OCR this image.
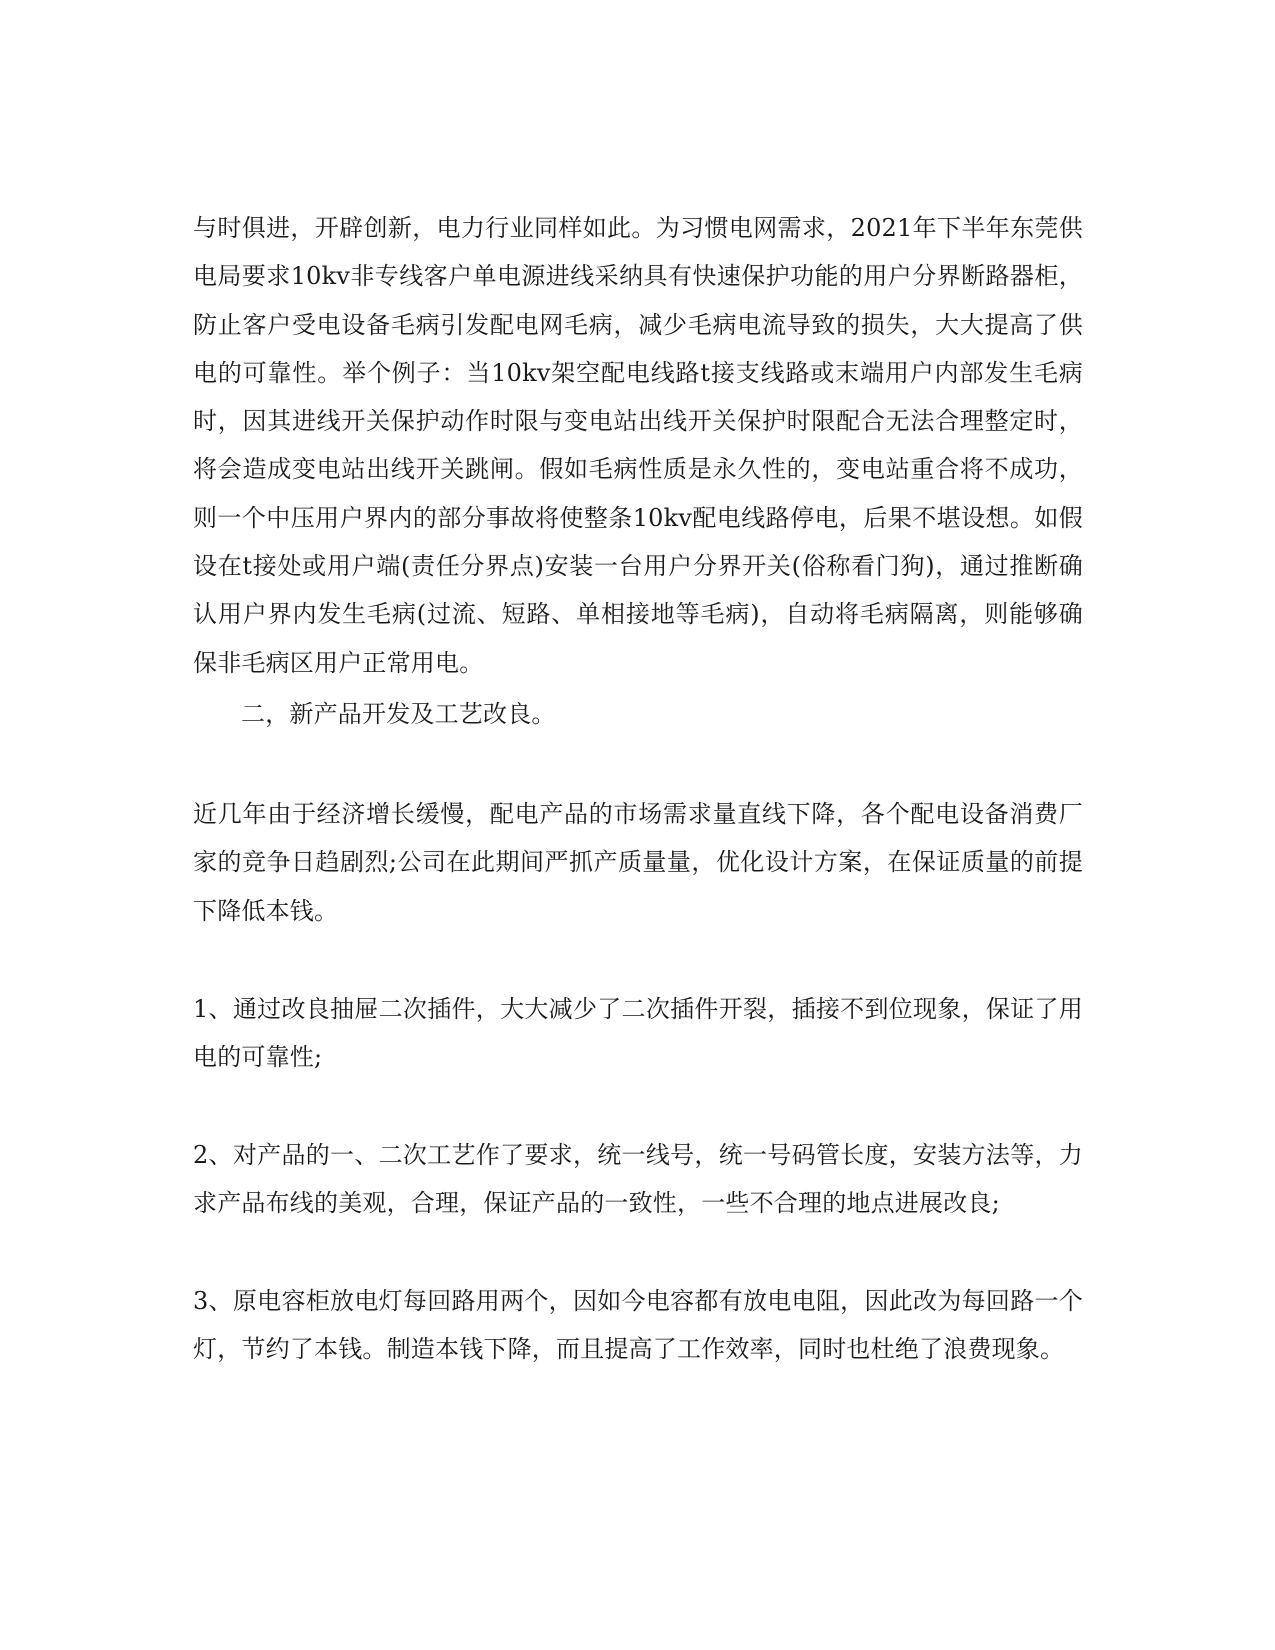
与时俱进，开辟创新，电力行业同样如此。为习惯电网需求，2021年下半年东莞供电局要求10kv非专线客户单电源进线采纳具有快速保护功能的用户分界断路器柜，防止客户受电设备毛病引发配电网毛病，减少毛病电流导致的损失，大大提高了供电的可靠性。举个例子：当10kv架空配电线路t接支线路或末端用户内部发生毛病时，因其进线开关保护动作时限与变电站出线开关保护时限配合无法合理整定时，将会造成变电站出线开关跳闸。假如毛病性质是永久性的，变电站重合将不成功，则一个中压用户界内的部分事故将使整条10kv配电线路停电，后果不堪设想。如假设在t接处或用户端(责任分界点)安装一台用户分界开关(俗称看门狗)，通过推断确认用户界内发生毛病(过流、短路、单相接地等毛病)，自动将毛病隔离，则能够确保非毛病区用户正常用电。

二，新产品开发及工艺改良。

近几年由于经济增长缓慢，配电产品的市场需求量直线下降，各个配电设备消费厂家的竞争日趋剧烈;公司在此期间严抓产质量量，优化设计方案，在保证质量的前提下降低本钱。

1、通过改良抽屉二次插件，大大减少了二次插件开裂，插接不到位现象，保证了用电的可靠性;

2、对产品的一、二次工艺作了要求，统一线号，统一号码管长度，安装方法等，力求产品布线的美观，合理，保证产品的一致性，一些不合理的地点进展改良;

3、原电容柜放电灯每回路用两个，因如今电容都有放电电阻，因此改为每回路一个灯，节约了本钱。制造本钱下降，而且提高了工作效率，同时也杜绝了浪费现象。
